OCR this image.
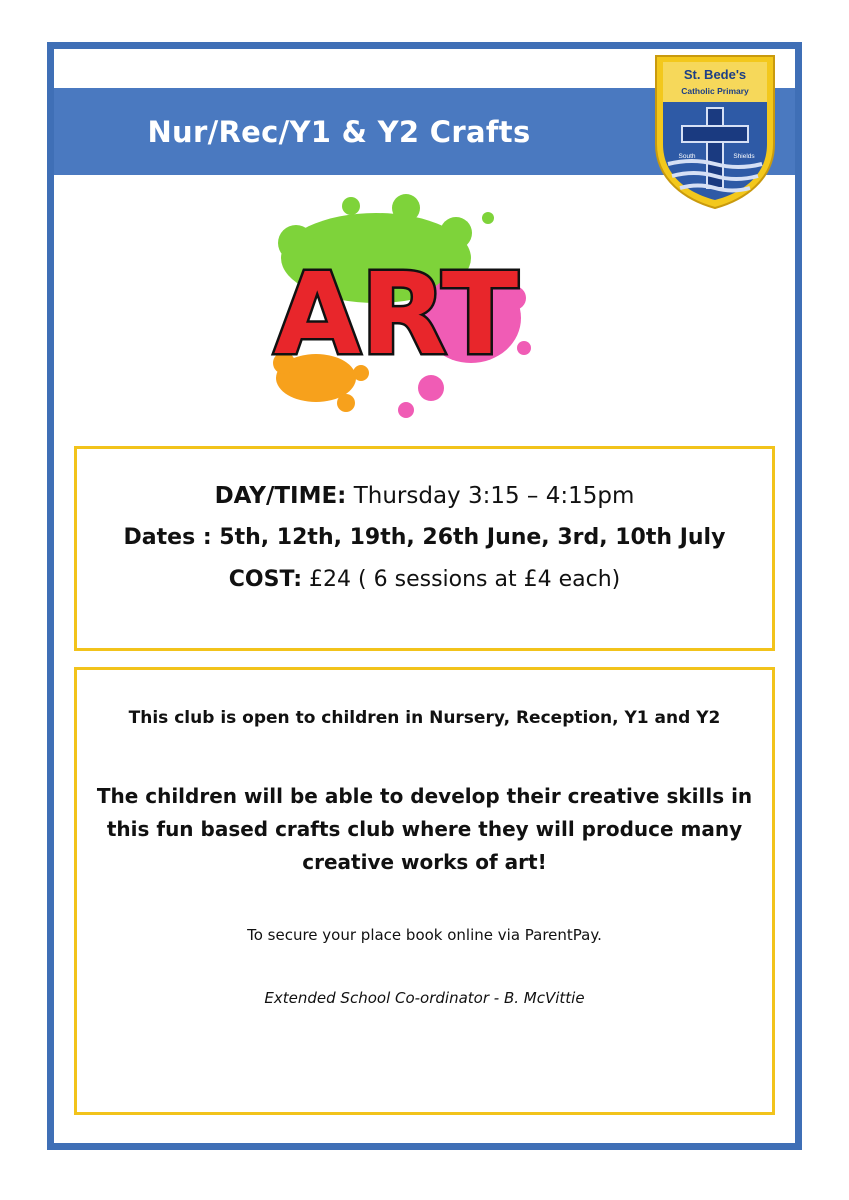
Nur/Rec/Y1 & Y2 Crafts
St. Bede's
Catholic Primary
South	Shields
ART
DAY/TIME: Thursday 3:15 – 4:15pm
Dates : 5th, 12th, 19th, 26th June, 3rd, 10th July
COST: £24 ( 6 sessions at £4 each)
This club is open to children in Nursery, Reception, Y1 and Y2
The children will be able to develop their creative skills in this fun based crafts club where they will produce many creative works of art!
To secure your place book online via ParentPay.
Extended School Co-ordinator - B. McVittie
